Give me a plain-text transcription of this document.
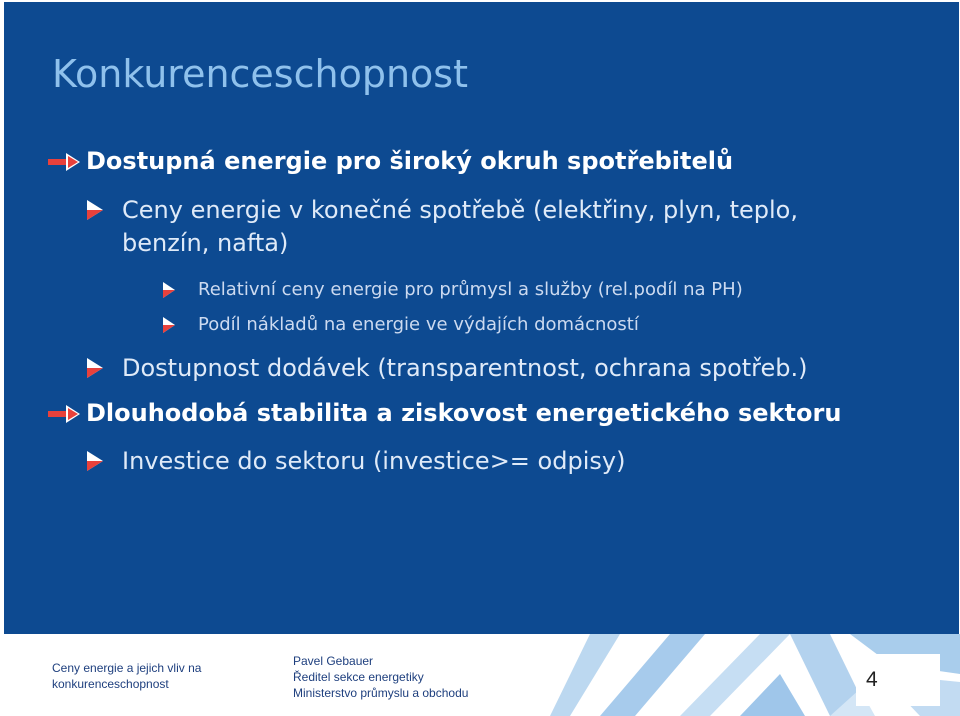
Konkurenceschopnost
Dostupná energie pro široký okruh spotřebitelů
Ceny energie v konečné spotřebě (elektřiny, plyn, teplo,
benzín, nafta)
Relativní ceny energie pro průmysl a služby (rel.podíl na PH)
Podíl nákladů na energie ve výdajích domácností
Dostupnost dodávek (transparentnost, ochrana spotřeb.)
Dlouhodobá stabilita a ziskovost energetického sektoru
Investice do sektoru (investice>= odpisy)
Ceny energie a jejich vliv na
konkurenceschopnost
Pavel Gebauer
Ředitel sekce energetiky
Ministerstvo průmyslu a obchodu
4
